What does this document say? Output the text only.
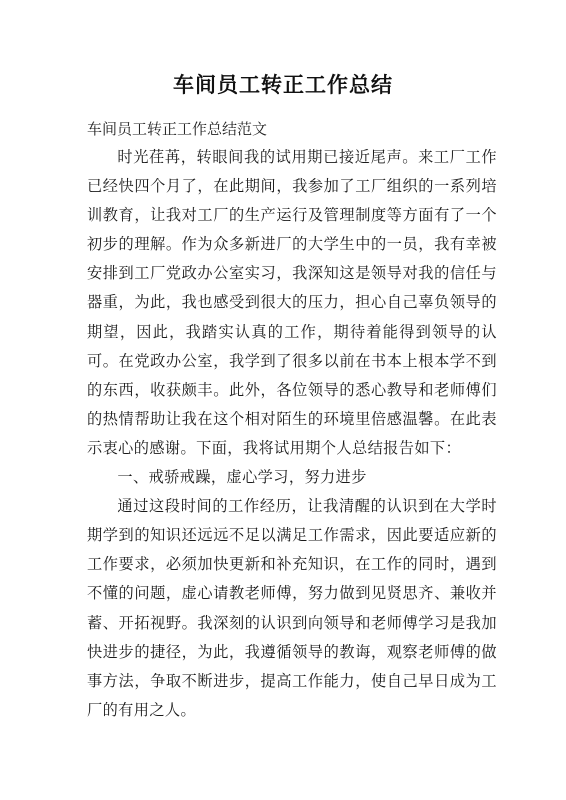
车间员工转正工作总结
车间员工转正工作总结范文

时光荏苒，转眼间我的试用期已接近尾声。来工厂工作已经快四个月了，在此期间，我参加了工厂组织的一系列培训教育，让我对工厂的生产运行及管理制度等方面有了一个初步的理解。作为众多新进厂的大学生中的一员，我有幸被安排到工厂党政办公室实习，我深知这是领导对我的信任与器重，为此，我也感受到很大的压力，担心自己辜负领导的期望，因此，我踏实认真的工作，期待着能得到领导的认可。在党政办公室，我学到了很多以前在书本上根本学不到的东西，收获颇丰。此外，各位领导的悉心教导和老师傅们的热情帮助让我在这个相对陌生的环境里倍感温馨。在此表示衷心的感谢。下面，我将试用期个人总结报告如下：

一、戒骄戒躁，虚心学习，努力进步

通过这段时间的工作经历，让我清醒的认识到在大学时期学到的知识还远远不足以满足工作需求，因此要适应新的工作要求，必须加快更新和补充知识，在工作的同时，遇到不懂的问题，虚心请教老师傅，努力做到见贤思齐、兼收并蓄、开拓视野。我深刻的认识到向领导和老师傅学习是我加快进步的捷径，为此，我遵循领导的教诲，观察老师傅的做事方法，争取不断进步，提高工作能力，使自己早日成为工厂的有用之人。
